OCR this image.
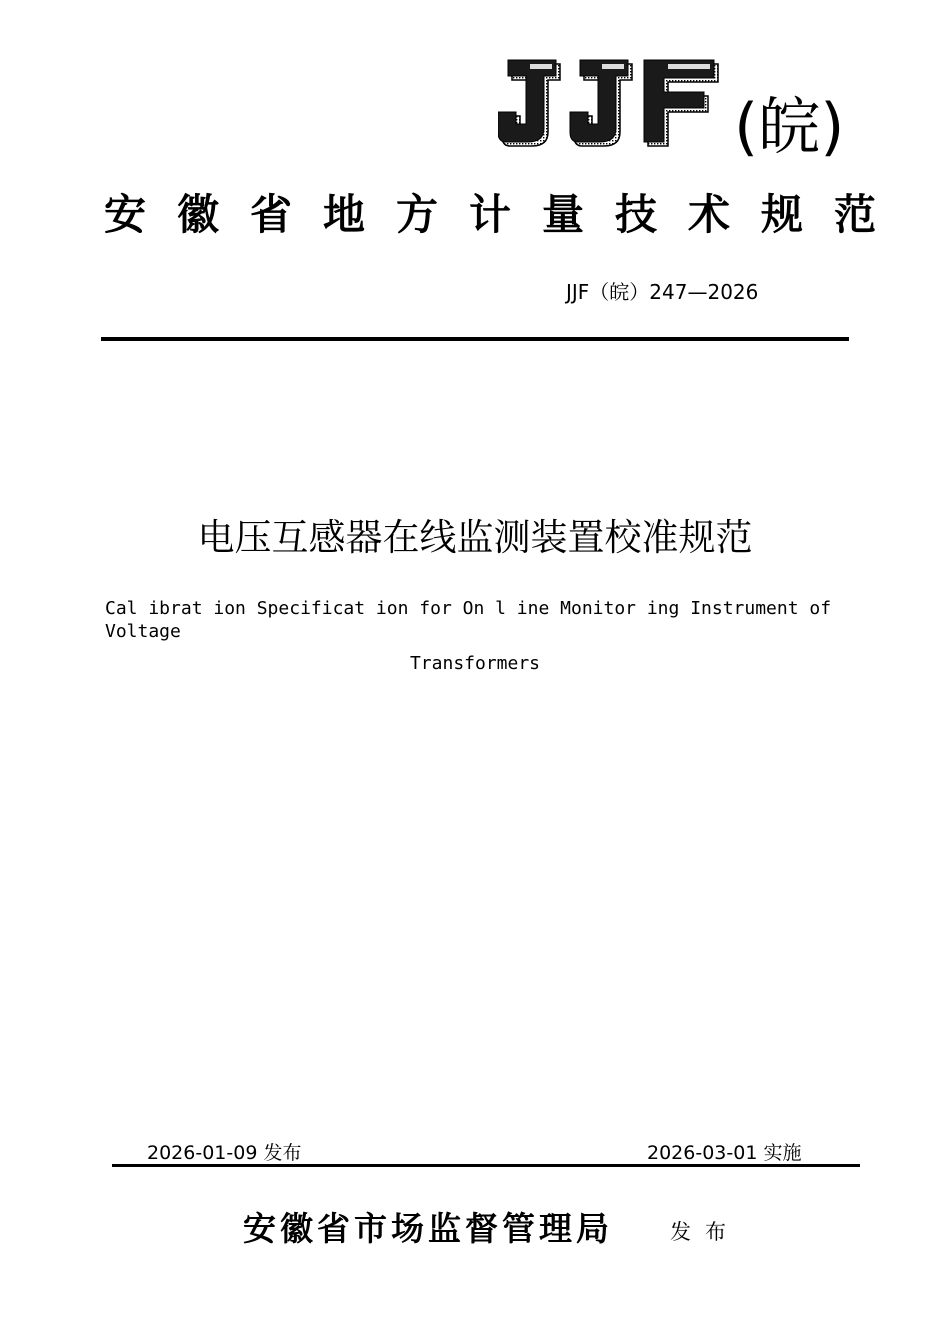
(皖)
安徽省地方计量技术规范
JJF（皖）247—2026
电压互感器在线监测装置校准规范
Cal ibrat ion Specificat ion for On l ine Monitor ing Instrument of Voltage
Transformers
2026-01-09 发布	2026-03-01 实施
安徽省市场监督管理局	发布
